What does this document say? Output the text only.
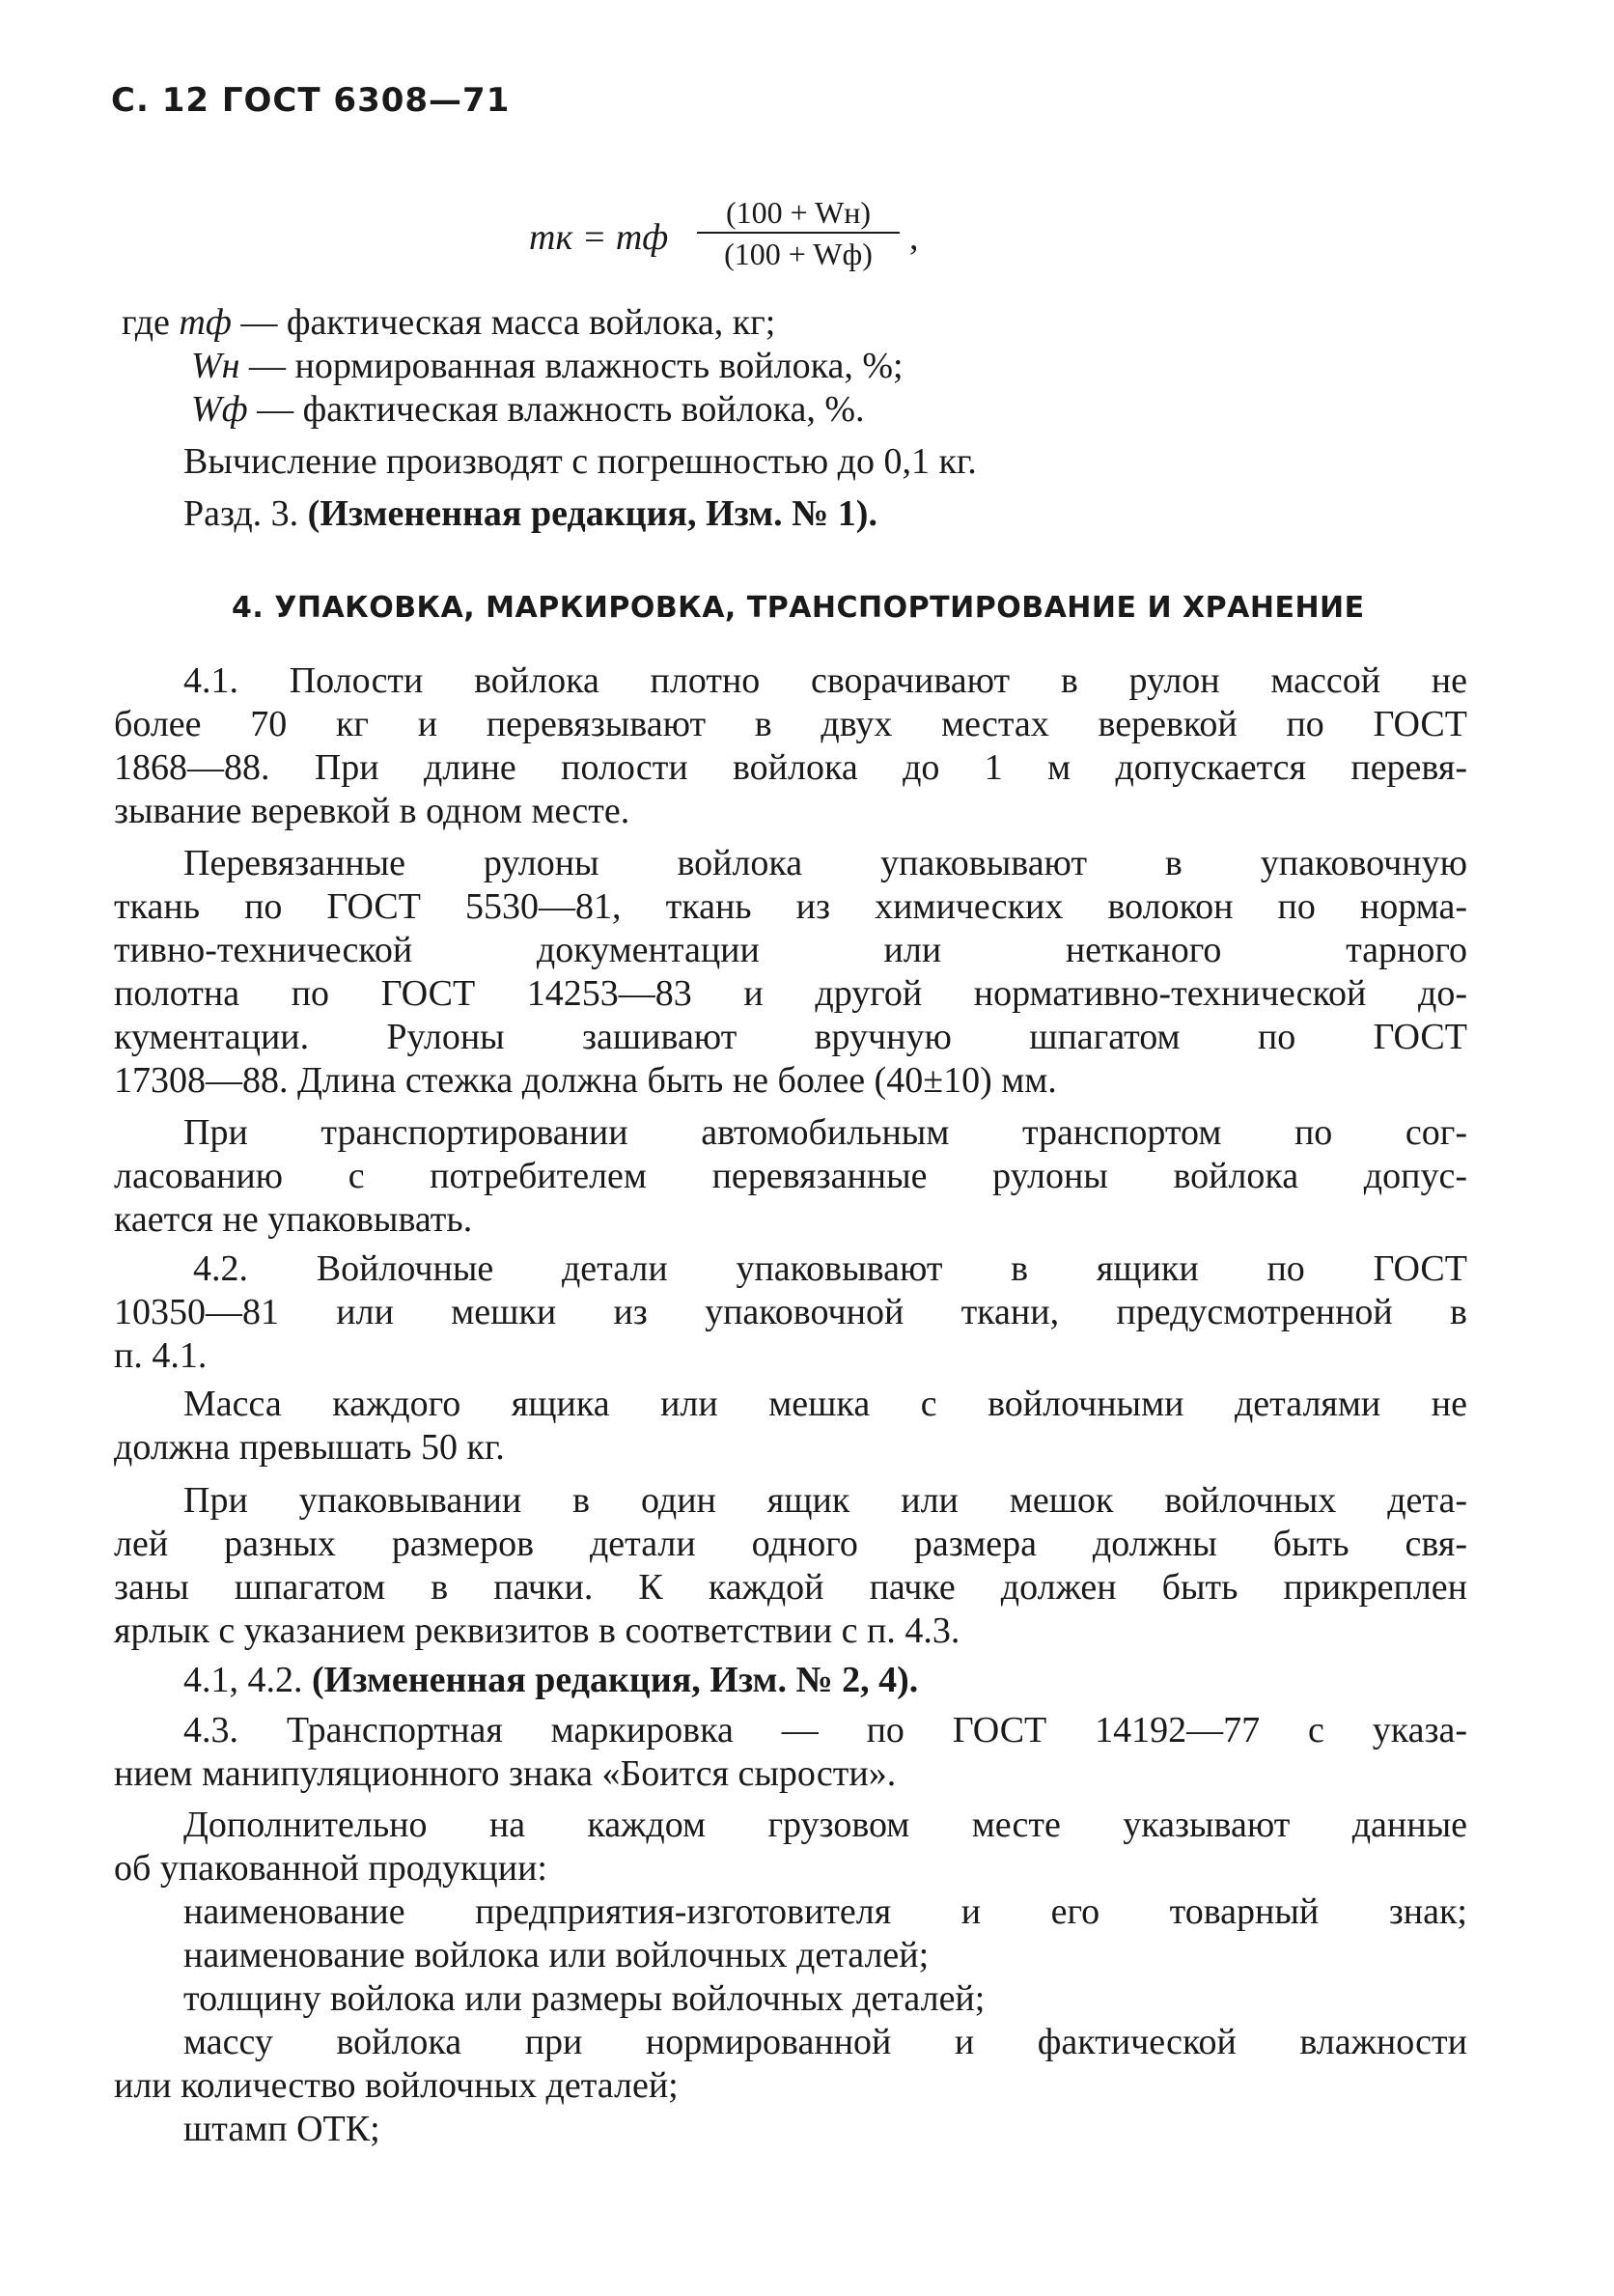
С. 12 ГОСТ 6308—71
mк = mф
(100 + Wн)
(100 + Wф)	,
где mф — фактическая масса войлока, кг;
Wн — нормированная влажность войлока, %;
Wф — фактическая влажность войлока, %.
Вычисление производят с погрешностью до 0,1 кг.
Разд. 3. (Измененная редакция, Изм. № 1).
4. УПАКОВКА, МАРКИРОВКА, ТРАНСПОРТИРОВАНИЕ И ХРАНЕНИЕ
4.1. Полости войлока плотно сворачивают в рулон массой не
более 70 кг и перевязывают в двух местах веревкой по ГОСТ
1868—88. При длине полости войлока до 1 м допускается перевя-
зывание веревкой в одном месте.
Перевязанные рулоны войлока упаковывают в упаковочную
ткань по ГОСТ 5530—81, ткань из химических волокон по норма-
тивно-технической документации или нетканого тарного
полотна по ГОСТ 14253—83 и другой нормативно-технической до-
кументации. Рулоны зашивают вручную шпагатом по ГОСТ
17308—88. Длина стежка должна быть не более (40±10) мм.
При транспортировании автомобильным транспортом по сог-
ласованию с потребителем перевязанные рулоны войлока допус-
кается не упаковывать.
4.2. Войлочные детали упаковывают в ящики по ГОСТ
10350—81 или мешки из упаковочной ткани, предусмотренной в
п. 4.1.
Масса каждого ящика или мешка с войлочными деталями не
должна превышать 50 кг.
При упаковывании в один ящик или мешок войлочных дета-
лей разных размеров детали одного размера должны быть свя-
заны шпагатом в пачки. К каждой пачке должен быть прикреплен
ярлык с указанием реквизитов в соответствии с п. 4.3.
4.1, 4.2. (Измененная редакция, Изм. № 2, 4).
4.3. Транспортная маркировка — по ГОСТ 14192—77 с указа-
нием манипуляционного знака «Боится сырости».
Дополнительно на каждом грузовом месте указывают данные
об упакованной продукции:
наименование предприятия-изготовителя и его товарный знак;
наименование войлока или войлочных деталей;
толщину войлока или размеры войлочных деталей;
массу войлока при нормированной и фактической влажности
или количество войлочных деталей;
штамп ОТК;
